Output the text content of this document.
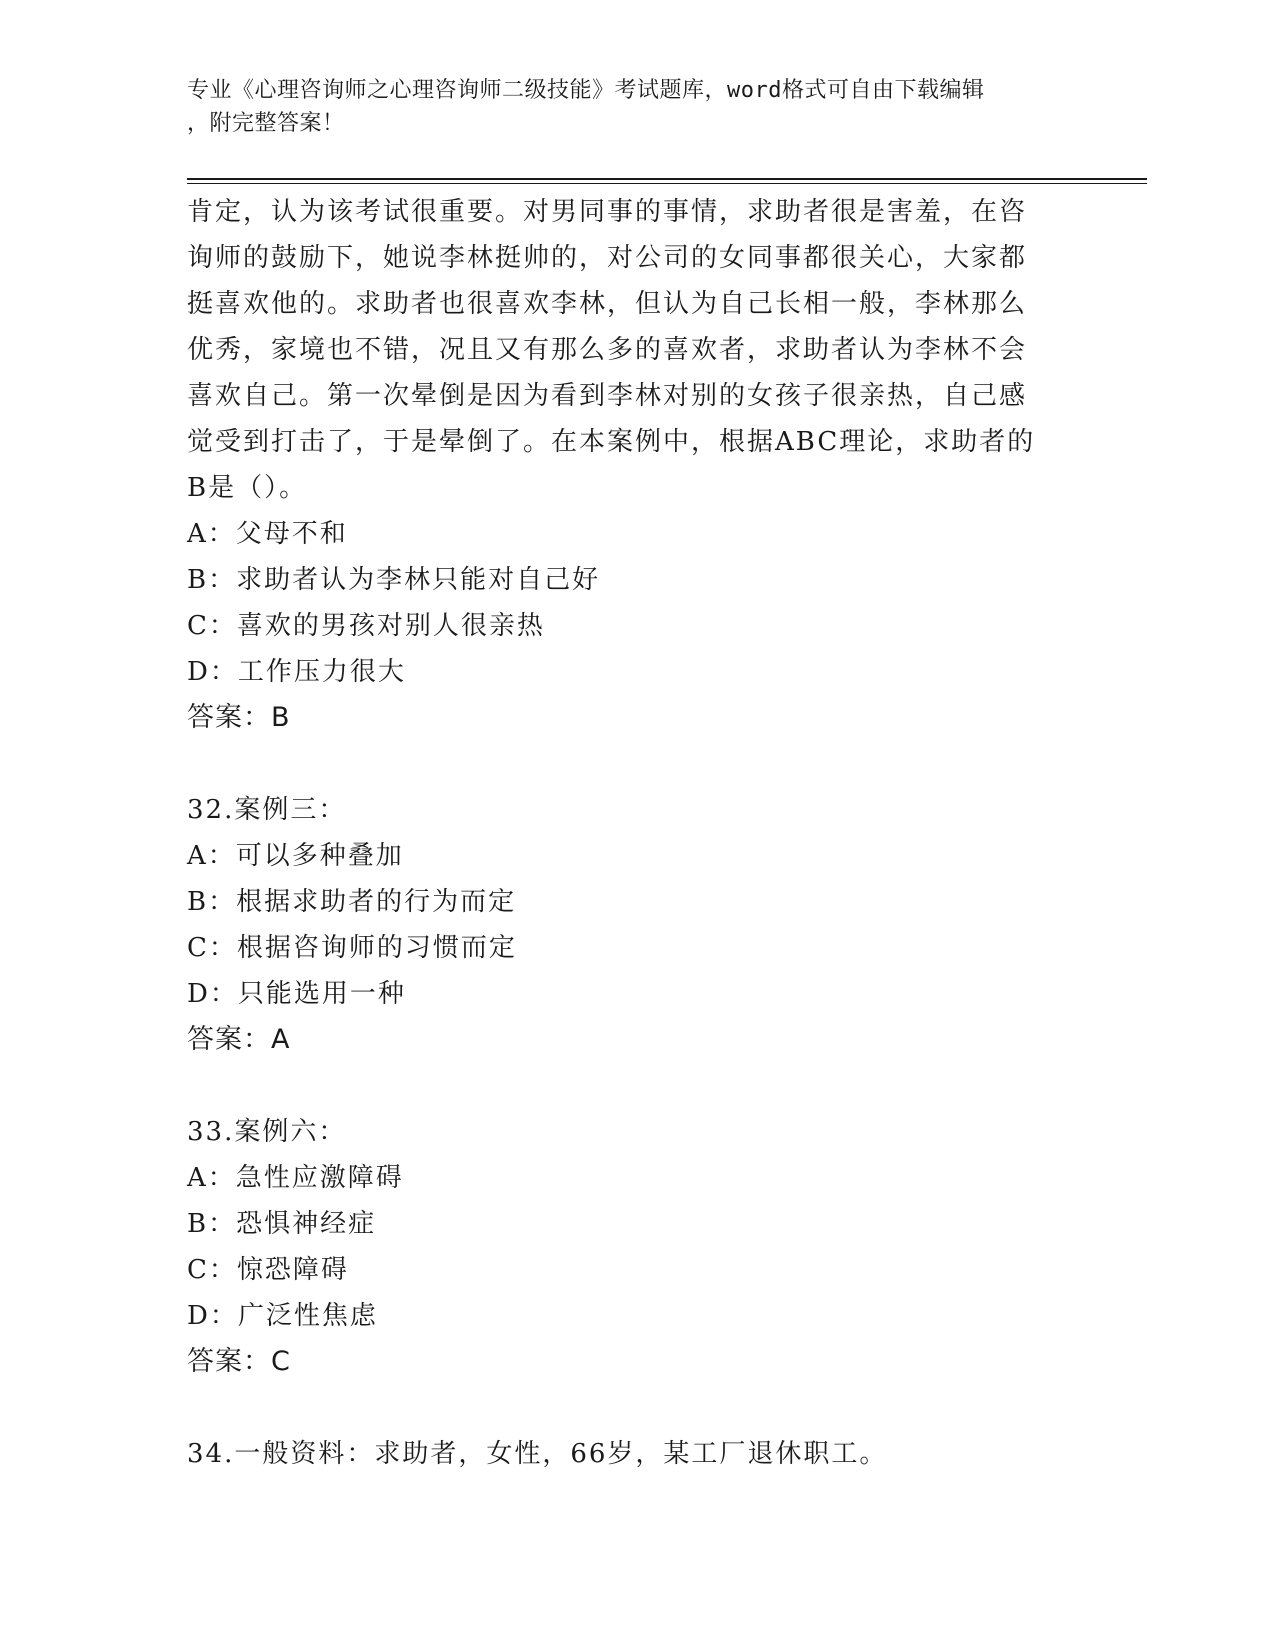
专业《心理咨询师之心理咨询师二级技能》考试题库，word格式可自由下载编辑
，附完整答案！
肯定，认为该考试很重要。对男同事的事情，求助者很是害羞，在咨
询师的鼓励下，她说李林挺帅的，对公司的女同事都很关心，大家都
挺喜欢他的。求助者也很喜欢李林，但认为自己长相一般，李林那么
优秀，家境也不错，况且又有那么多的喜欢者，求助者认为李林不会
喜欢自己。第一次晕倒是因为看到李林对别的女孩子很亲热，自己感
觉受到打击了，于是晕倒了。在本案例中，根据ABC理论，求助者的
B是（）。
A：父母不和
B：求助者认为李林只能对自己好
C：喜欢的男孩对别人很亲热
D：工作压力很大
答案：B
32.案例三：
A：可以多种叠加
B：根据求助者的行为而定
C：根据咨询师的习惯而定
D：只能选用一种
答案：A
33.案例六：
A：急性应激障碍
B：恐惧神经症
C：惊恐障碍
D：广泛性焦虑
答案：C
34.一般资料：求助者，女性，66岁，某工厂退休职工。
